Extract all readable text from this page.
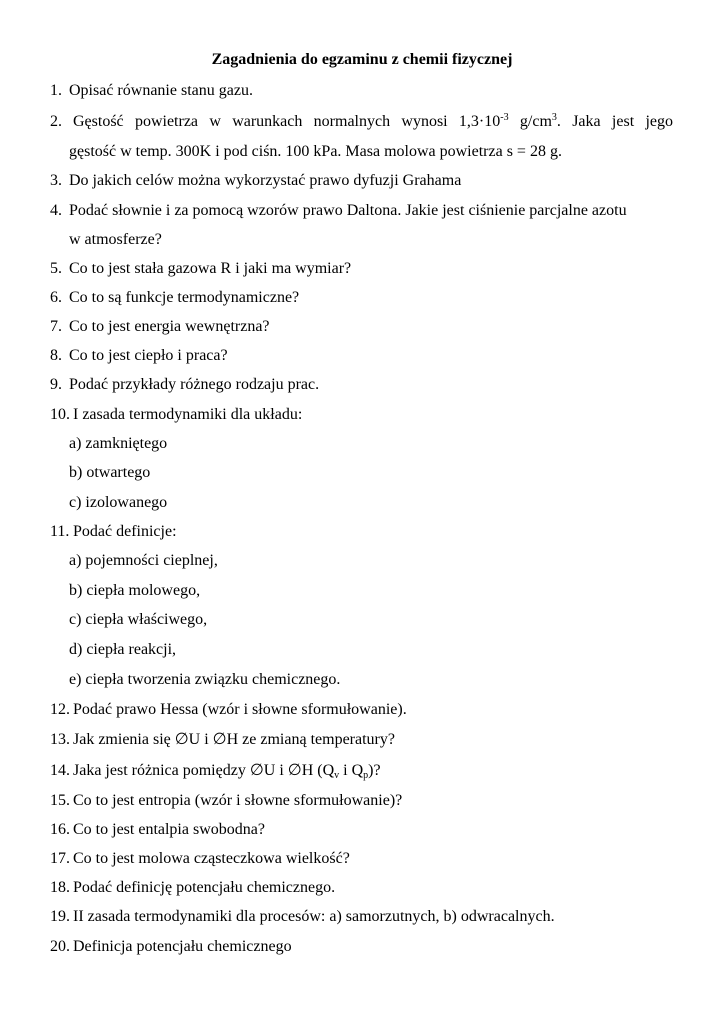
Zagadnienia do egzaminu z chemii fizycznej
1. Opisać równanie stanu gazu.
2. Gęstość powietrza w warunkach normalnych wynosi $1,3\cdot 10^{-3}$ $g/cm^3$. Jaka jest jego
gęstość w temp. 300K i pod ciśn. 100 kPa. Masa molowa powietrza s = 28 g.
3. Do jakich celów można wykorzystać prawo dyfuzji Grahama
4. Podać słownie i za pomocą wzorów prawo Daltona. Jakie jest ciśnienie parcjalne azotu
w atmosferze?
5. Co to jest stała gazowa R i jaki ma wymiar?
6. Co to są funkcje termodynamiczne?
7. Co to jest energia wewnętrzna?
8. Co to jest ciepło i praca?
9. Podać przykłady różnego rodzaju prac.
10. I zasada termodynamiki dla układu:
a) zamkniętego
b) otwartego
c) izolowanego
11. Podać definicje:
a) pojemności cieplnej,
b) ciepła molowego,
c) ciepła właściwego,
d) ciepła reakcji,
e) ciepła tworzenia związku chemicznego.
12. Podać prawo Hessa (wzór i słowne sformułowanie).
13. Jak zmienia się ∅U i ∅H ze zmianą temperatury?
14. Jaka jest różnica pomiędzy ∅U i ∅H ($Q_v$ i $Q_p$)?
15. Co to jest entropia (wzór i słowne sformułowanie)?
16. Co to jest entalpia swobodna?
17. Co to jest molowa cząsteczkowa wielkość?
18. Podać definicję potencjału chemicznego.
19. II zasada termodynamiki dla procesów: a) samorzutnych, b) odwracalnych.
20. Definicja potencjału chemicznego
